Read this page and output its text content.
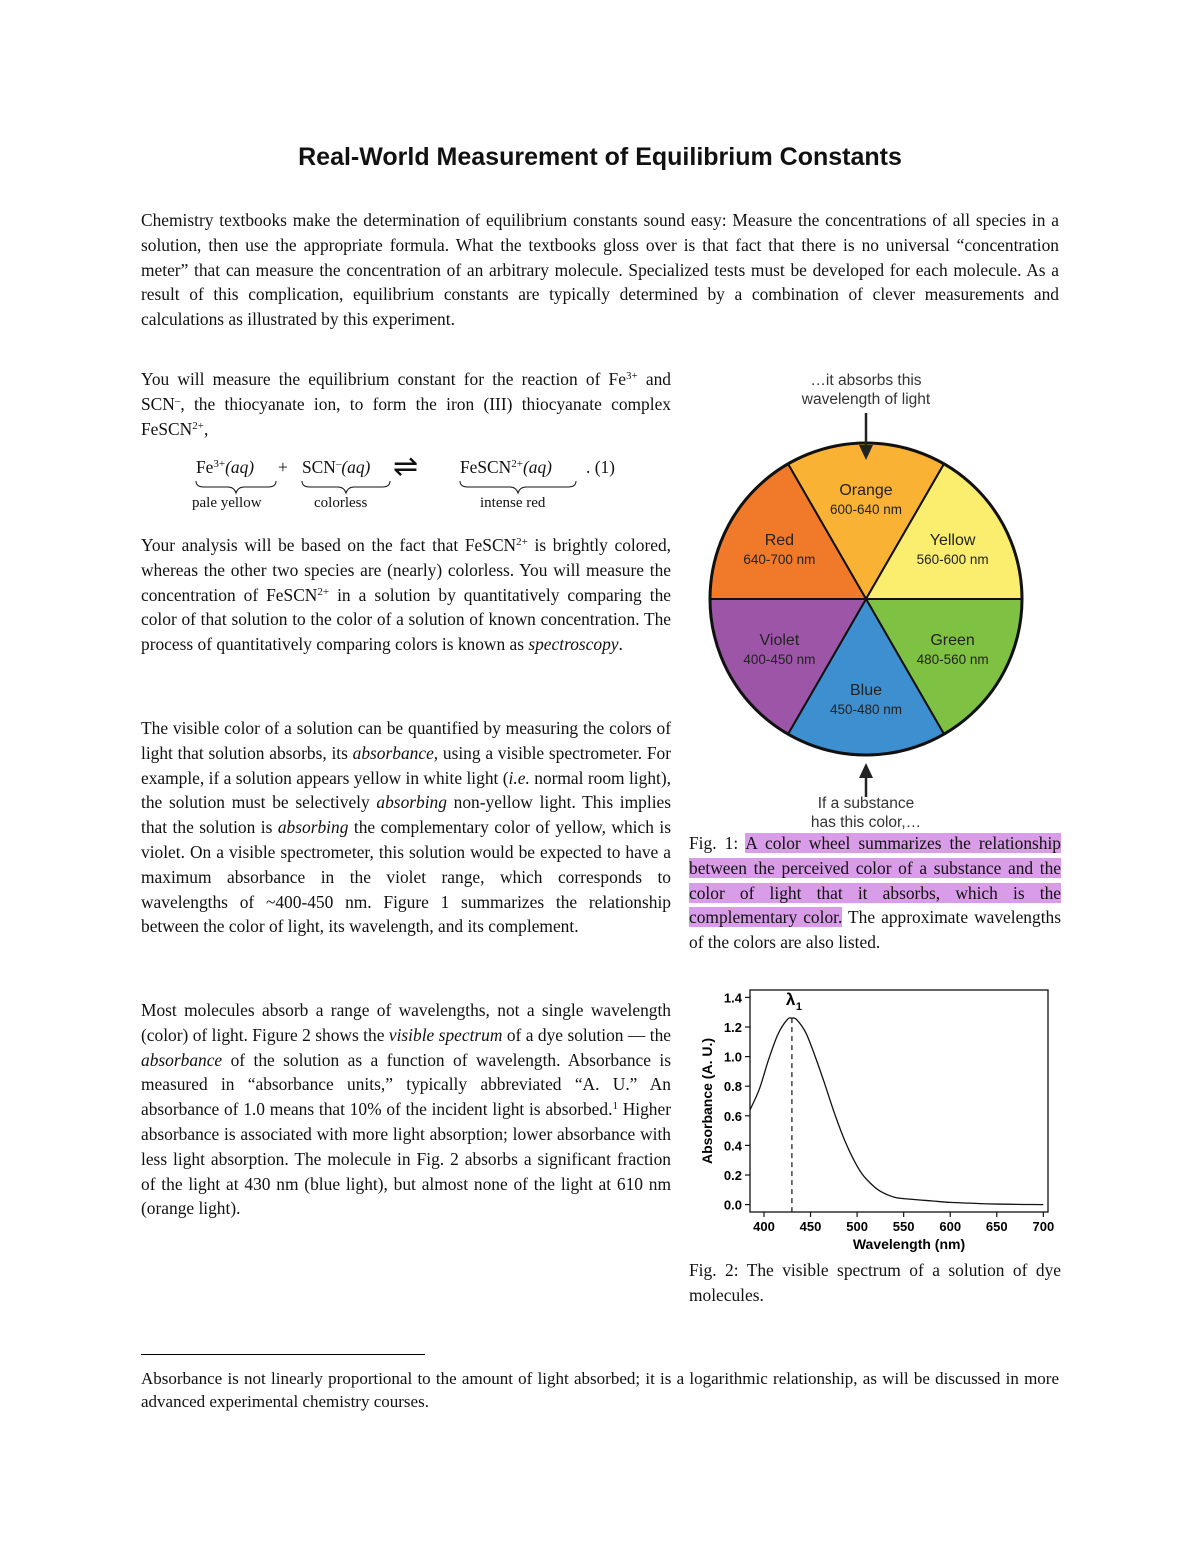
Real-World Measurement of Equilibrium Constants

Chemistry textbooks make the determination of equilibrium constants sound easy: Measure the concentrations of all species in a solution, then use the appropriate formula. What the textbooks gloss over is that fact that there is no universal “concentration meter” that can measure the concentration of an arbitrary molecule. Specialized tests must be developed for each molecule. As a result of this complication, equilibrium constants are typically determined by a combination of clever measurements and calculations as illustrated by this experiment.

You will measure the equilibrium constant for the reaction of $Fe^{3+}$ and SCN–, the thiocyanate ion, to form the iron (III) thiocyanate complex FeSCN$^{2+}$,

$Fe^{3+}(aq) + SCN^-(aq)$ ⇌ FeSCN$^{2+}$(aq) . (1)
pale yellow	colorless	intense red

Your analysis will be based on the fact that FeSCN$^{2+}$ is brightly colored, whereas the other two species are (nearly) colorless. You will measure the concentration of FeSCN$^{2+}$ in a solution by quantitatively comparing the color of that solution to the color of a solution of known concentration. The process of quantitatively comparing colors is known as spectroscopy.

The visible color of a solution can be quantified by measuring the colors of light that solution absorbs, its absorbance, using a visible spectrometer. For example, if a solution appears yellow in white light (i.e. normal room light), the solution must be selectively absorbing non-yellow light. This implies that the solution is absorbing the complementary color of yellow, which is violet. On a visible spectrometer, this solution would be expected to have a maximum absorbance in the violet range, which corresponds to wavelengths of ~400-450 nm. Figure 1 summarizes the relationship between the color of light, its wavelength, and its complement.

Most molecules absorb a range of wavelengths, not a single wavelength (color) of light. Figure 2 shows the visible spectrum of a dye solution — the absorbance of the solution as a function of wavelength. Absorbance is measured in “absorbance units,” typically abbreviated “A. U.” An absorbance of 1.0 means that 10% of the incident light is absorbed.$^1$ Higher absorbance is associated with more light absorption; lower absorbance with less light absorption. The molecule in Fig. 2 absorbs a significant fraction of the light at 430 nm (blue light), but almost none of the light at 610 nm (orange light).

Orange
600-640 nm
Yellow
560-600 nm
Green
480-560 nm
Blue
450-480 nm
Violet
400-450 nm
Red
640-700 nm
…it absorbs this
wavelength of light
If a substance
has this color,…
Fig. 1: A color wheel summarizes the relationship between the perceived color of a substance and the color of light that it absorbs, which is the complementary color. The approximate wavelengths of the colors are also listed.
400 450 500 550 600 650 700
0.0
0.2
0.4
0.6
0.8
1.0
1.2
1.4	λ 1
Wavelength (nm)
Absorbance (A. U.)
Fig. 2: The visible spectrum of a solution of dye molecules.

Absorbance is not linearly proportional to the amount of light absorbed; it is a logarithmic relationship, as will be discussed in more advanced experimental chemistry courses.
